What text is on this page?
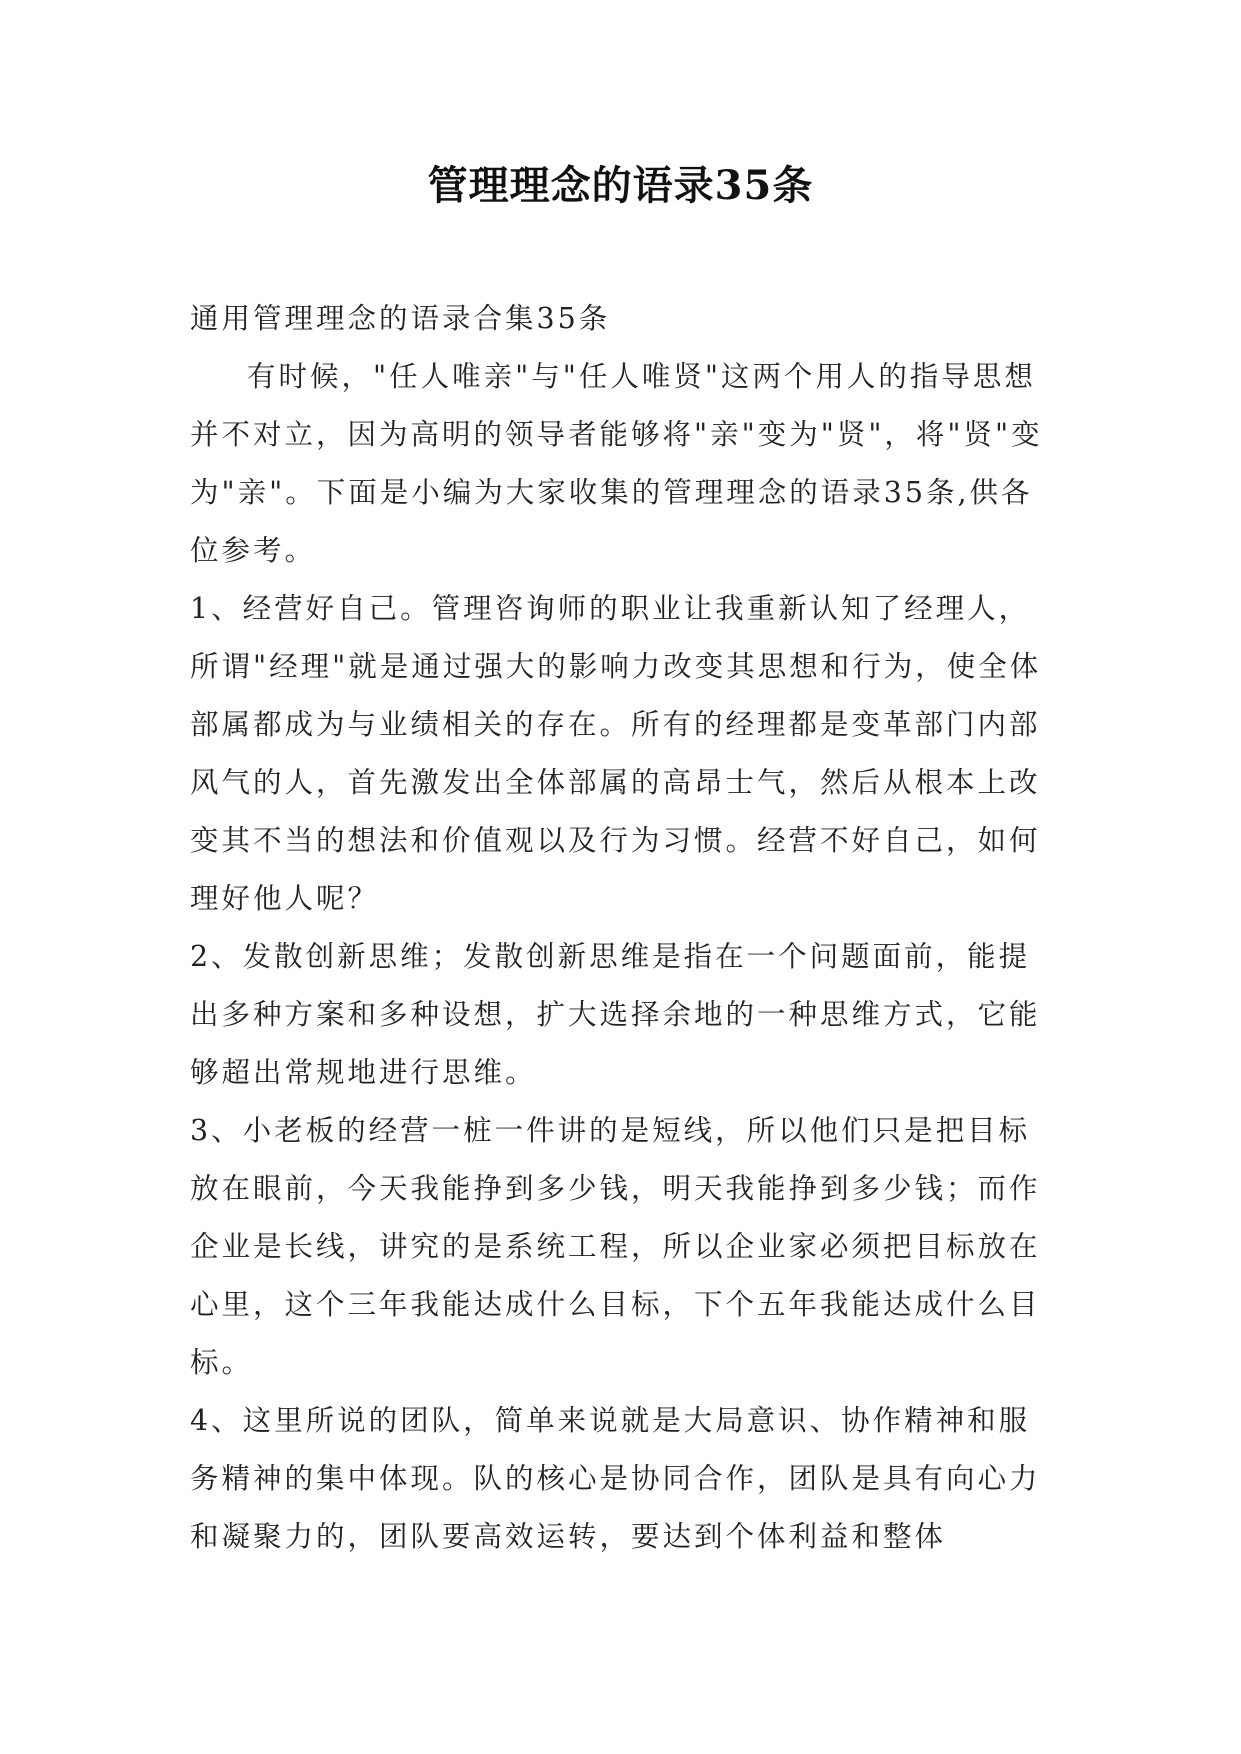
管理理念的语录35条

通用管理理念的语录合集35条

有时候，"任人唯亲"与"任人唯贤"这两个用人的指导思想并不对立，因为高明的领导者能够将"亲"变为"贤"，将"贤"变为"亲"。下面是小编为大家收集的管理理念的语录35条,供各位参考。

1、经营好自己。管理咨询师的职业让我重新认知了经理人，所谓"经理"就是通过强大的影响力改变其思想和行为，使全体部属都成为与业绩相关的存在。所有的经理都是变革部门内部风气的人，首先激发出全体部属的高昂士气，然后从根本上改变其不当的想法和价值观以及行为习惯。经营不好自己，如何理好他人呢？

2、发散创新思维；发散创新思维是指在一个问题面前，能提出多种方案和多种设想，扩大选择余地的一种思维方式，它能够超出常规地进行思维。

3、小老板的经营一桩一件讲的是短线，所以他们只是把目标放在眼前，今天我能挣到多少钱，明天我能挣到多少钱；而作企业是长线，讲究的是系统工程，所以企业家必须把目标放在心里，这个三年我能达成什么目标，下个五年我能达成什么目标。

4、这里所说的团队，简单来说就是大局意识、协作精神和服务精神的集中体现。队的核心是协同合作，团队是具有向心力和凝聚力的，团队要高效运转，要达到个体利益和整体
